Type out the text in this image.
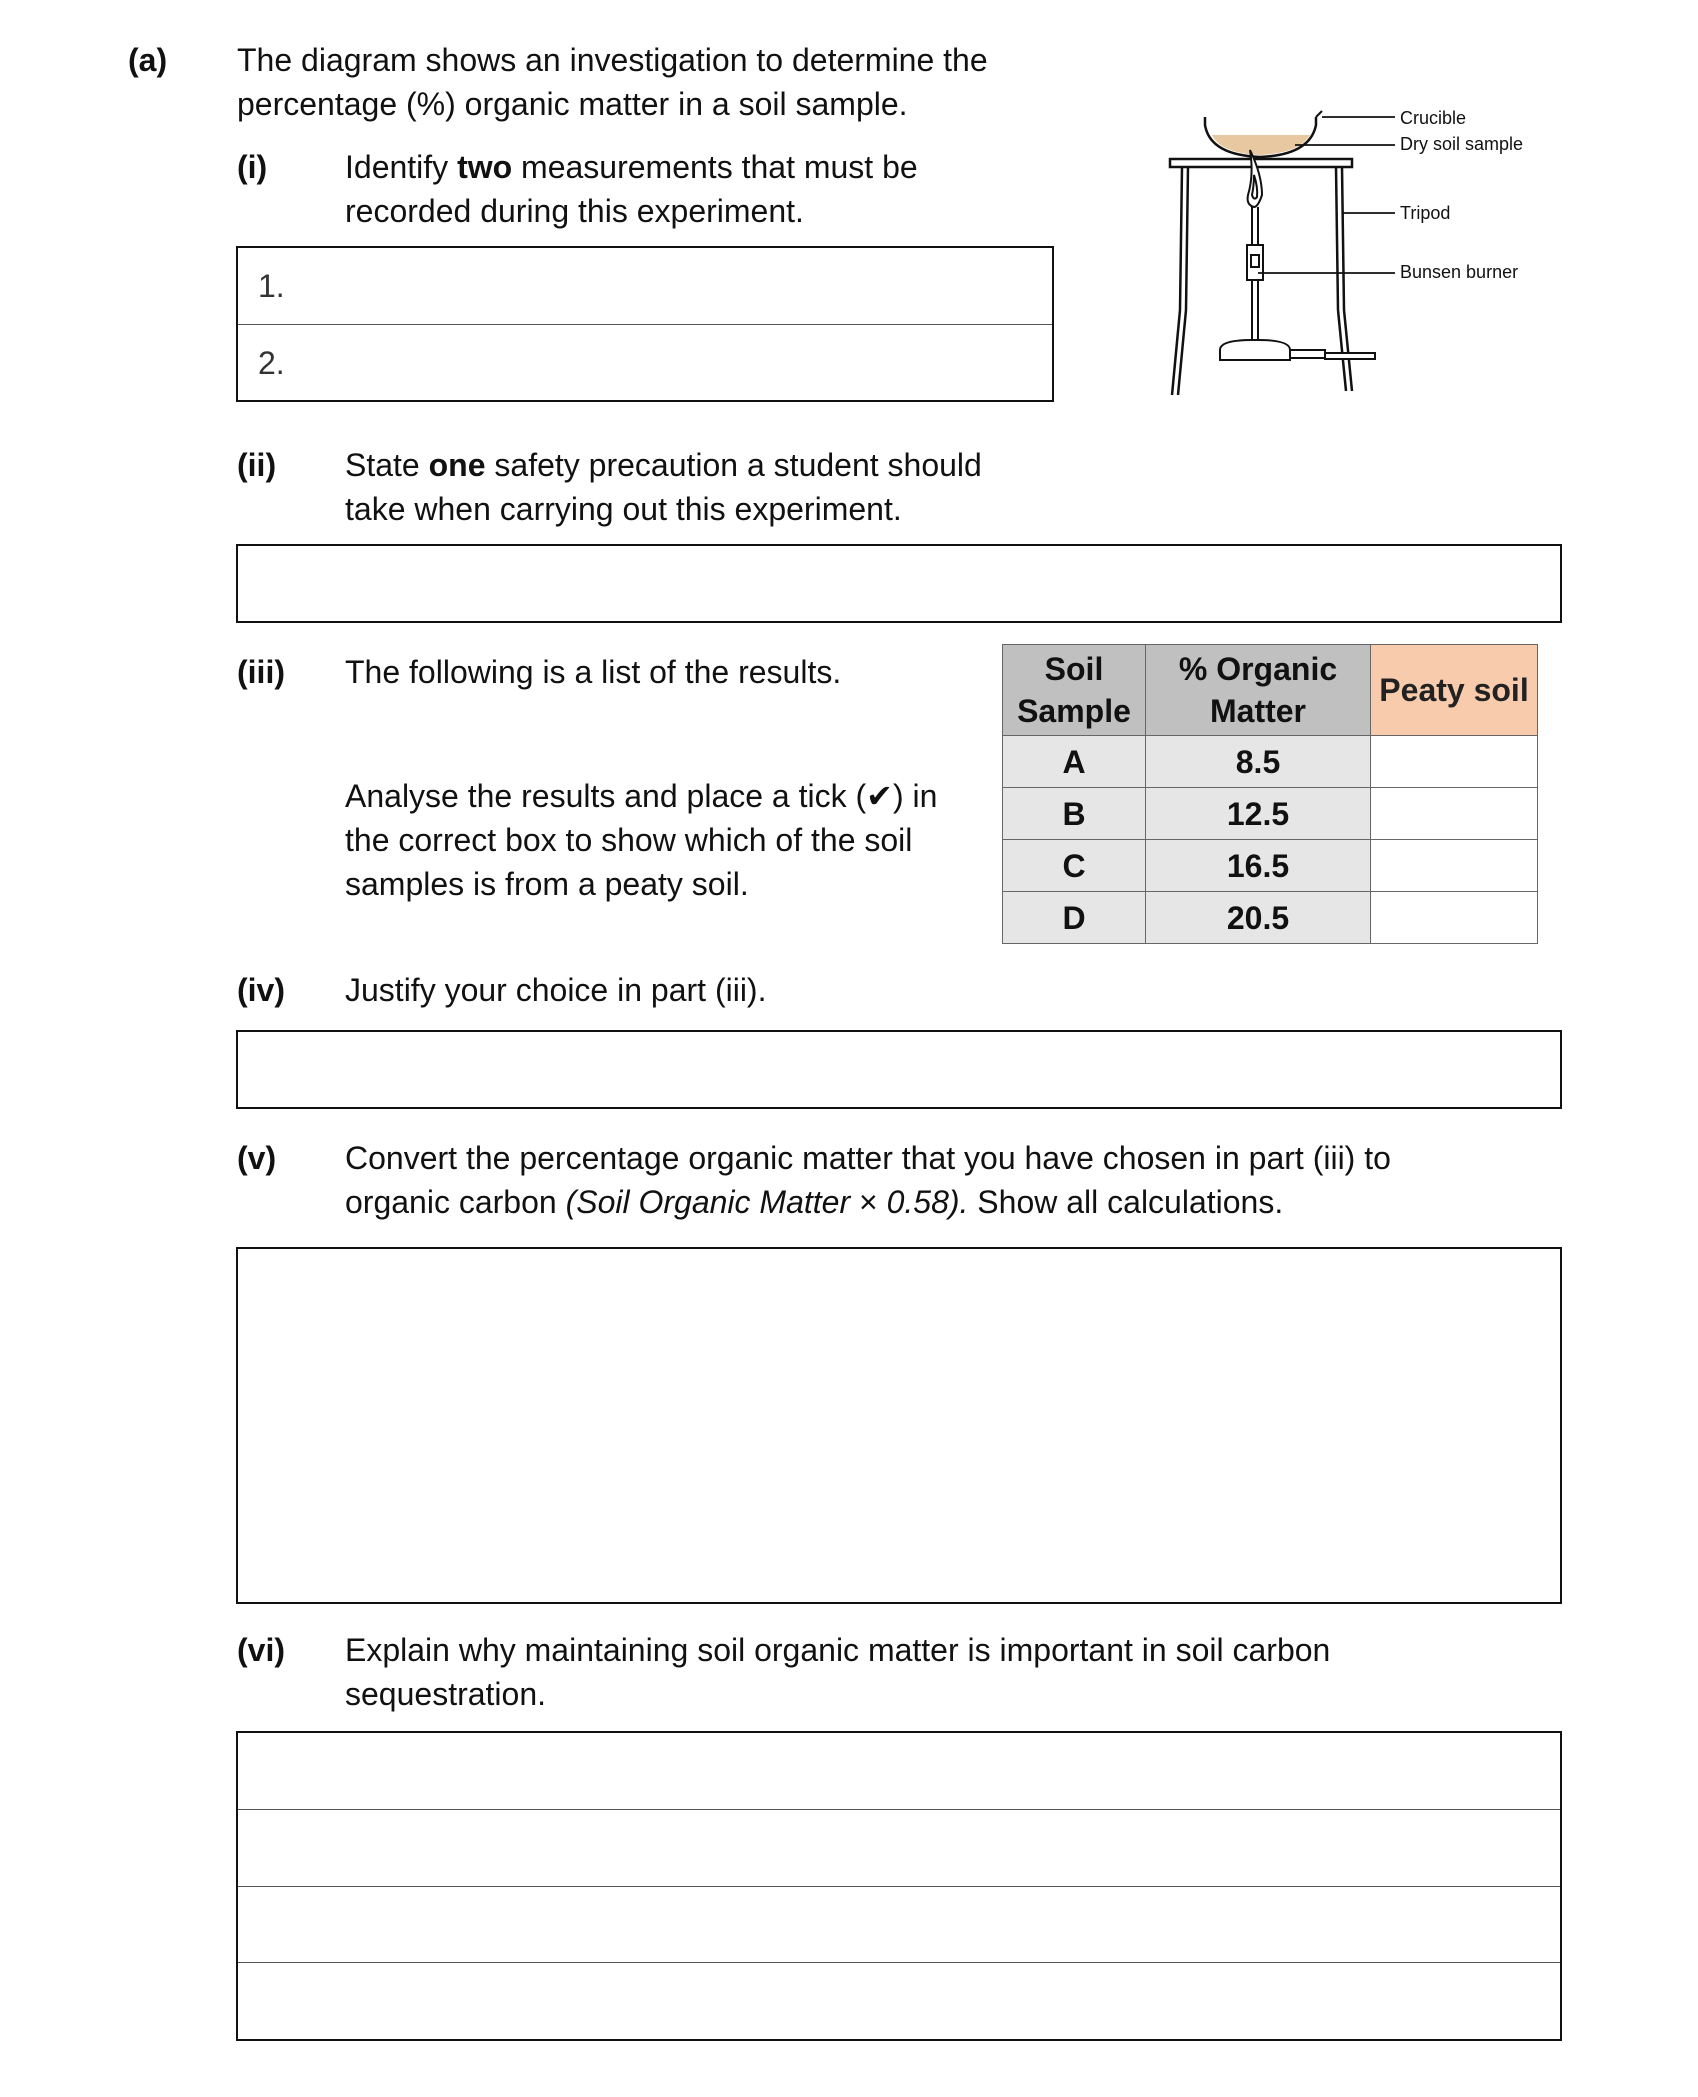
(a) The diagram shows an investigation to determine the
percentage (%) organic matter in a soil sample.	Crucible
Dry soil sample
Tripod
Bunsen burner
(i) Identify two measurements that must be
recorded during this experiment.
1.
2.
(ii) State one safety precaution a student should
take when carrying out this experiment.
(iii) The following is a list of the results.
Analyse the results and place a tick (✔) in
the correct box to show which of the soil
samples is from a peaty soil.
Soil Sample	% Organic Matter	Peaty soil
A	8.5	
B	12.5	
C	16.5	
D	20.5	
(iv) Justify your choice in part (iii).
(v) Convert the percentage organic matter that you have chosen in part (iii) to
organic carbon (Soil Organic Matter × 0.58). Show all calculations.
(vi) Explain why maintaining soil organic matter is important in soil carbon
sequestration.
